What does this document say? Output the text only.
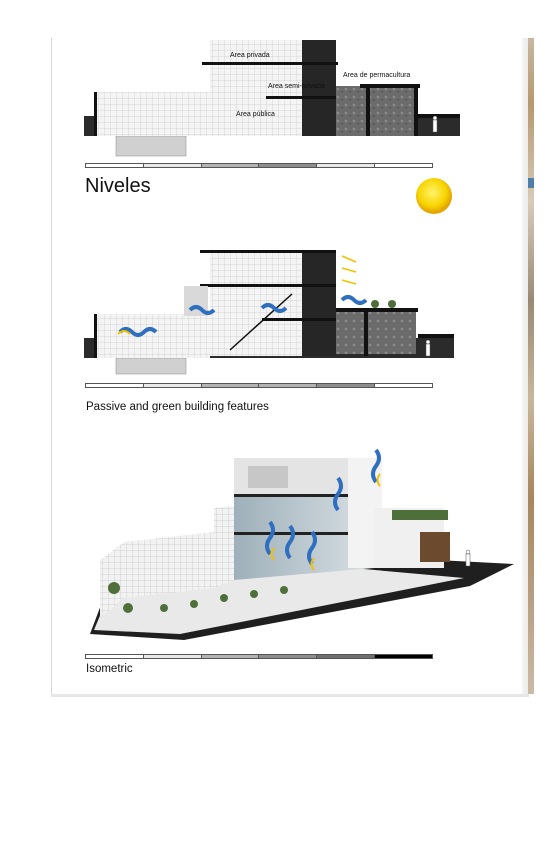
Area privada
Area semi-privada
Area de permacultura
Area pública
Niveles
Passive and green building features
Isometric
